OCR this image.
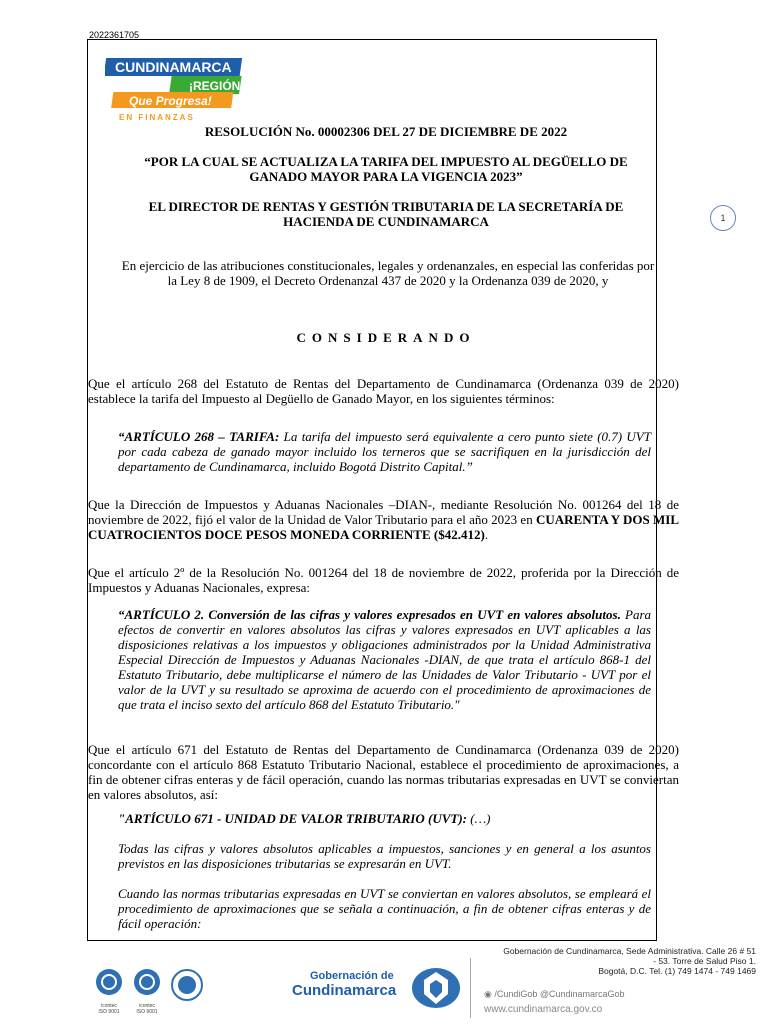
2022361705
CUNDINAMARCA
¡REGIÓN
Que Progresa!
EN FINANZAS
RESOLUCIÓN No. 00002306 DEL 27 DE DICIEMBRE DE 2022
“POR LA CUAL SE ACTUALIZA LA TARIFA DEL IMPUESTO AL DEGÜELLO DE
GANADO MAYOR PARA LA VIGENCIA 2023”
EL DIRECTOR DE RENTAS Y GESTIÓN TRIBUTARIA DE LA SECRETARÍA DE
HACIENDA DE CUNDINAMARCA	1
En ejercicio de las atribuciones constitucionales, legales y ordenanzales, en especial las conferidas por la Ley 8 de 1909, el Decreto Ordenanzal 437 de 2020 y la Ordenanza 039 de 2020, y
CONSIDERANDO
Que el artículo 268 del Estatuto de Rentas del Departamento de Cundinamarca (Ordenanza 039 de 2020) establece la tarifa del Impuesto al Degüello de Ganado Mayor, en los siguientes términos:
“ARTÍCULO 268 – TARIFA: La tarifa del impuesto será equivalente a cero punto siete (0.7) UVT por cada cabeza de ganado mayor incluido los terneros que se sacrifiquen en la jurisdicción del departamento de Cundinamarca, incluido Bogotá Distrito Capital.”
Que la Dirección de Impuestos y Aduanas Nacionales –DIAN-, mediante Resolución No. 001264 del 18 de noviembre de 2022, fijó el valor de la Unidad de Valor Tributario para el año 2023 en CUARENTA Y DOS MIL CUATROCIENTOS DOCE PESOS MONEDA CORRIENTE ($42.412).
Que el artículo 2º de la Resolución No. 001264 del 18 de noviembre de 2022, proferida por la Dirección de Impuestos y Aduanas Nacionales, expresa:
“ARTÍCULO 2. Conversión de las cifras y valores expresados en UVT en valores absolutos. Para efectos de convertir en valores absolutos las cifras y valores expresados en UVT aplicables a las disposiciones relativas a los impuestos y obligaciones administrados por la Unidad Administrativa Especial Dirección de Impuestos y Aduanas Nacionales -DIAN, de que trata el artículo 868-1 del Estatuto Tributario, debe multiplicarse el número de las Unidades de Valor Tributario - UVT por el valor de la UVT y su resultado se aproxima de acuerdo con el procedimiento de aproximaciones de que trata el inciso sexto del artículo 868 del Estatuto Tributario."
Que el artículo 671 del Estatuto de Rentas del Departamento de Cundinamarca (Ordenanza 039 de 2020) concordante con el artículo 868 Estatuto Tributario Nacional, establece el procedimiento de aproximaciones, a fin de obtener cifras enteras y de fácil operación, cuando las normas tributarias expresadas en UVT se conviertan en valores absolutos, así:
"ARTÍCULO 671 - UNIDAD DE VALOR TRIBUTARIO (UVT): (…)
Todas las cifras y valores absolutos aplicables a impuestos, sanciones y en general a los asuntos previstos en las disposiciones tributarias se expresarán en UVT.
Cuando las normas tributarias expresadas en UVT se conviertan en valores absolutos, se empleará el procedimiento de aproximaciones que se señala a continuación, a fin de obtener cifras enteras y de fácil operación:
icontec
ISO 9001
icontec
ISO 9001
Gobernación de
Cundinamarca
Gobernación de Cundinamarca, Sede Administrativa. Calle 26 # 51
- 53. Torre de Salud Piso 1.
Bogotá, D.C. Tel. (1) 749 1474 - 749 1469
◉ /CundiGob @CundinamarcaGob
www.cundinamarca.gov.co
